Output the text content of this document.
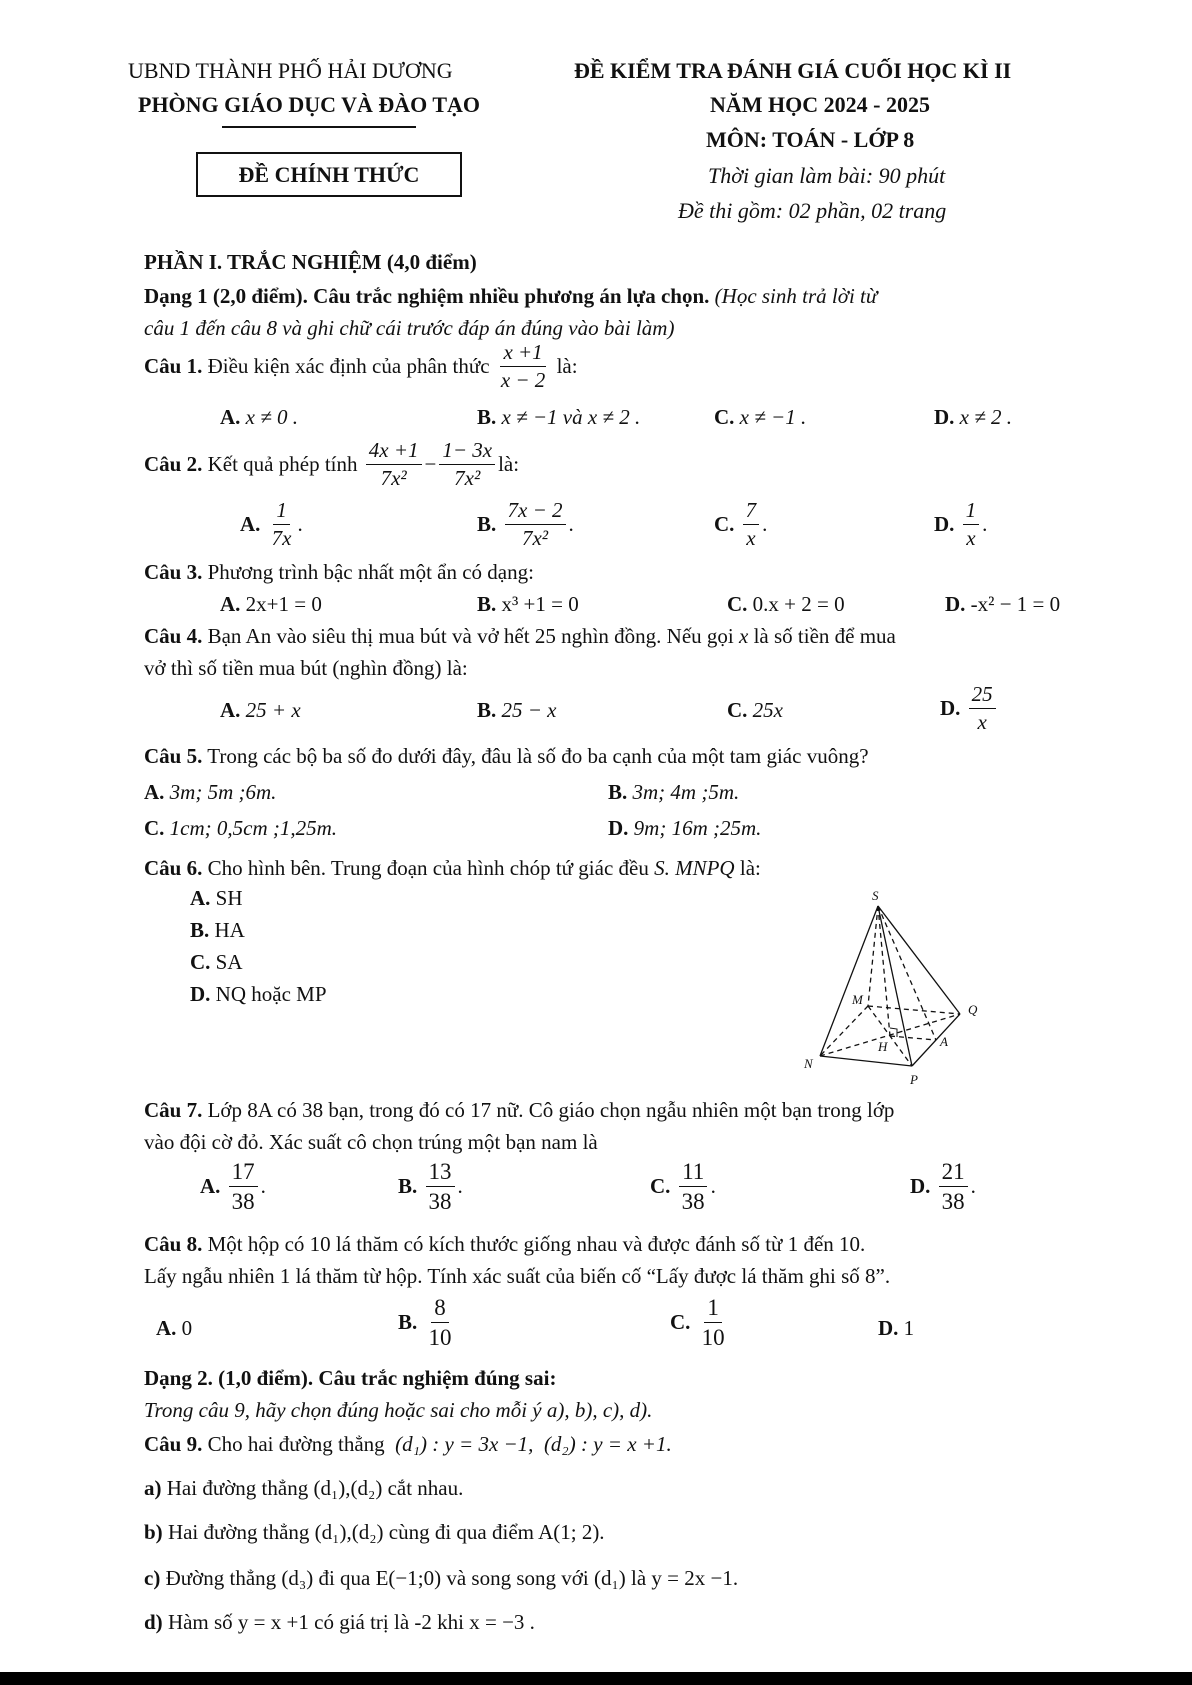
UBND THÀNH PHỐ HẢI DƯƠNG
PHÒNG GIÁO DỤC VÀ ĐÀO TẠO
ĐỀ CHÍNH THỨC
ĐỀ KIỂM TRA ĐÁNH GIÁ CUỐI HỌC KÌ II
NĂM HỌC 2024 - 2025
MÔN: TOÁN - LỚP 8
Thời gian làm bài: 90 phút
Đề thi gồm: 02 phần, 02 trang
PHẦN I. TRẮC NGHIỆM (4,0 điểm)
Dạng 1 (2,0 điểm). Câu trắc nghiệm nhiều phương án lựa chọn. (Học sinh trả lời từ
câu 1 đến câu 8 và ghi chữ cái trước đáp án đúng vào bài làm)
Câu 1.
Điều kiện xác định của phân thức
$\frac{x +1}{x - 2}$
là:
A. x ≠ 0 .	B. x ≠ −1 và x ≠ 2 .	C. x ≠ −1 .	D. x ≠ 2 .
Câu 2.
Kết quả phép tính
$\frac{4x +1}{\text{7x²}} - \frac{1- 3x}{\text{7x²}}$ là:
A.
$\frac{1}{7x}$ .	B.
$\frac{7x - 2}{\text{7x²}}$ .	C.
$\frac{7}{x}$ .	D.
$\frac{1}{x}$ .
Câu 3. Phương trình bậc nhất một ẩn có dạng:
A. 2x+1 = 0	B. x³ +1 = 0	C. 0.x + 2 = 0	D. -x² − 1 = 0
Câu 4. Bạn An vào siêu thị mua bút và vở hết 25 nghìn đồng. Nếu gọi x là số tiền để mua
vở thì số tiền mua bút (nghìn đồng) là:
A. 25 + x	B. 25 − x	C. 25x	D.
$\frac{25}{x}$
Câu 5. Trong các bộ ba số đo dưới đây, đâu là số đo ba cạnh của một tam giác vuông?
A. 3m; 5m ;6m.	B. 3m; 4m ;5m.
C. 1cm; 0,5cm ;1,25m.	D. 9m; 16m ;25m.
Câu 6. Cho hình bên. Trung đoạn của hình chóp tứ giác đều S. MNPQ là:
A. SH
B. HA
C. SA
D. NQ hoặc MP
S
M
Q
H	A
N
P
Câu 7. Lớp 8A có 38 bạn, trong đó có 17 nữ. Cô giáo chọn ngẫu nhiên một bạn trong lớp
vào đội cờ đỏ. Xác suất cô chọn trúng một bạn nam là
A.
$\frac{17}{38}$ .	B.
$\frac{13}{38}$ .	C.
$\frac{11}{38}$ .	D.
$\frac{21}{38}$ .
Câu 8. Một hộp có 10 lá thăm có kích thước giống nhau và được đánh số từ 1 đến 10.
Lấy ngẫu nhiên 1 lá thăm từ hộp. Tính xác suất của biến cố “Lấy được lá thăm ghi số 8”.
A. 0	B.
$\frac{8}{10}$	C.
$\frac{1}{10}$	D. 1
Dạng 2. (1,0 điểm). Câu trắc nghiệm đúng sai:
Trong câu 9, hãy chọn đúng hoặc sai cho mỗi ý a), b), c), d).
Câu 9. Cho hai đường thẳng (d₁) : y = 3x −1, (d₂) : y = x +1.
a) Hai đường thẳng (d₁),(d₂) cắt nhau.
b) Hai đường thẳng (d₁),(d₂) cùng đi qua điểm A(1; 2).
c) Đường thẳng (d₃) đi qua E(−1;0) và song song với (d₁) là y = 2x −1.
d) Hàm số y = x +1 có giá trị là -2 khi x = −3 .
